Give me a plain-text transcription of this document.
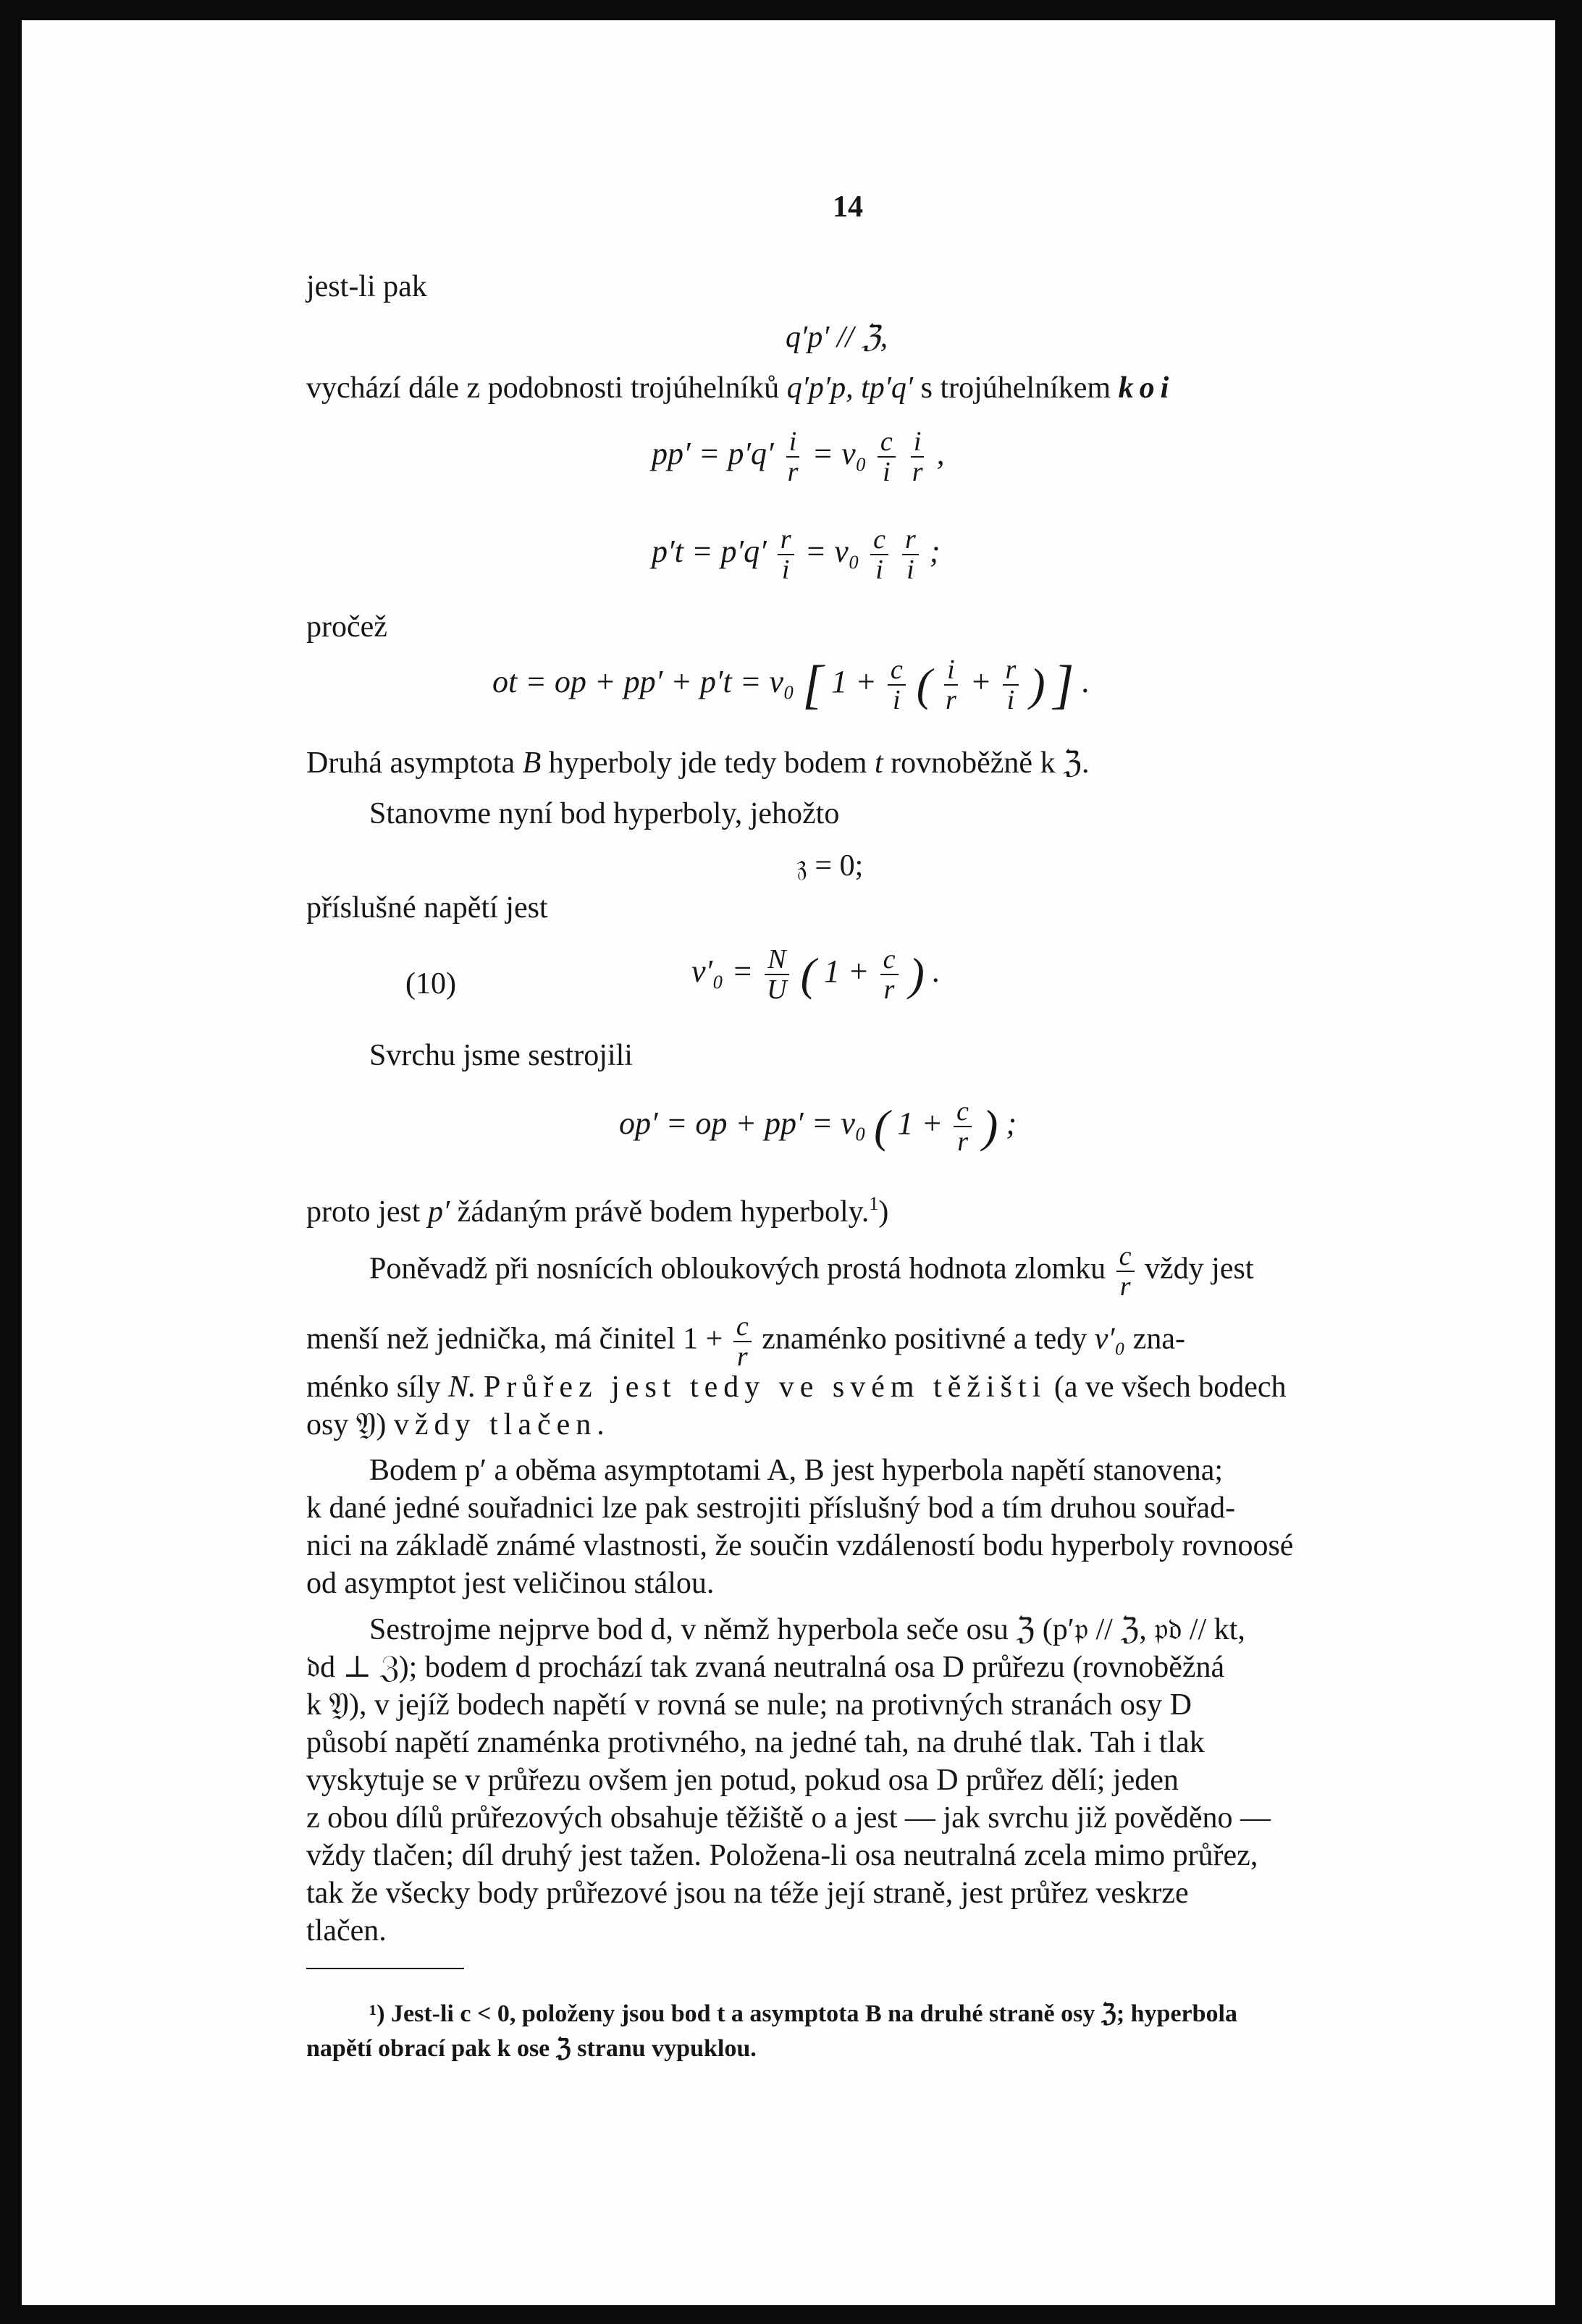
14
jest-li pak
q′p′ // ℨ,
vychází dále z podobnosti trojúhelníků q′p′p, tp′q′ s trojúhelníkem koi
$pp' = p'q' \frac{i}{r} = v_0 \frac{c}{i}$
$\frac{i}{r}$ ,
$p't = p'q' \frac{r}{i} = v_0 \frac{c}{i}$
$\frac{r}{i}$ ;
pročež
ot = op + pp′ + p′t = v₀ [ $1 + \frac{c}{i}$ ( $\frac{i}{r} + \frac{r}{i}$ ) ] .
Druhá asymptota B hyperboly jde tedy bodem t rovnoběžně k ℨ.
Stanovme nyní bod hyperboly, jehožto
𝔷 = 0;
příslušné napětí jest
(10)	$v'_0 = \frac{N}{U}$ ( $1 + \frac{c}{r}$ ) .
Svrchu jsme sestrojili
op′ = op + pp′ = v₀ ( $1 + \frac{c}{r}$ ) ;
proto jest p′ žádaným právě bodem hyperboly.$^1$)
Poněvadž při nosnících obloukových prostá hodnota zlomku $\frac{c}{r}$ vždy jest
menší než jednička, má činitel $1 + \frac{c}{r}$ znaménko positivné a tedy v′₀ zna-
ménko síly N. Průřez jest tedy ve svém těžišti (a ve všech bodech
osy 𝔜) vždy tlačen.
Bodem p′ a oběma asymptotami A, B jest hyperbola napětí stanovena;
k dané jedné souřadnici lze pak sestrojiti příslušný bod a tím druhou souřad-
nici na základě známé vlastnosti, že součin vzdáleností bodu hyperboly rovnoosé
od asymptot jest veličinou stálou.
Sestrojme nejprve bod d, v němž hyperbola seče osu ℨ (p′𝔭 // ℨ, 𝔭𝔡 // kt,
𝔡d ⊥ ℨ); bodem d prochází tak zvaná neutralná osa D průřezu (rovnoběžná
k 𝔜), v jejíž bodech napětí v rovná se nule; na protivných stranách osy D
působí napětí znaménka protivného, na jedné tah, na druhé tlak. Tah i tlak
vyskytuje se v průřezu ovšem jen potud, pokud osa D průřez dělí; jeden
z obou dílů průřezových obsahuje těžiště o a jest — jak svrchu již pověděno —
vždy tlačen; díl druhý jest tažen. Položena-li osa neutralná zcela mimo průřez,
tak že všecky body průřezové jsou na téže její straně, jest průřez veskrze
tlačen.
¹) Jest-li c < 0, položeny jsou bod t a asymptota B na druhé straně osy ℨ; hyperbola
napětí obrací pak k ose ℨ stranu vypuklou.
